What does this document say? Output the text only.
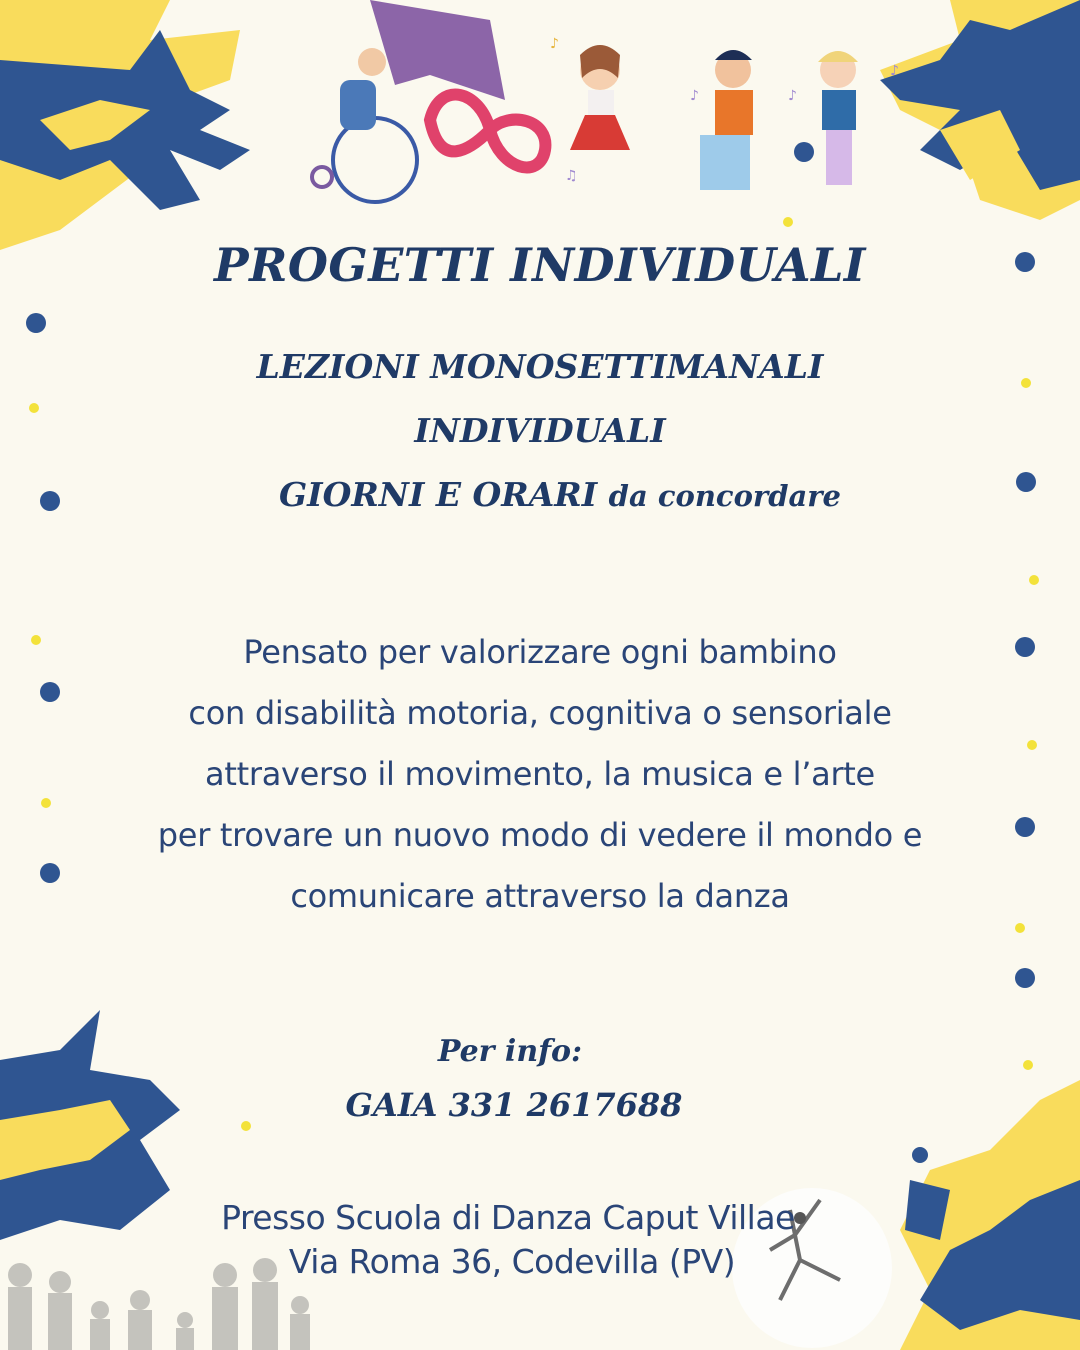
♪
♪
♫
♪
♪
PROGETTI INDIVIDUALI
LEZIONI MONOSETTIMANALI
INDIVIDUALI
GIORNI E ORARI da concordare
Pensato per valorizzare ogni bambino
con disabilità motoria, cognitiva o sensoriale
attraverso il movimento, la musica e l’arte
per trovare un nuovo modo di vedere il mondo e
comunicare attraverso la danza
Per info:
GAIA 331 2617688
Presso Scuola di Danza Caput Villae
Via Roma 36, Codevilla (PV)
